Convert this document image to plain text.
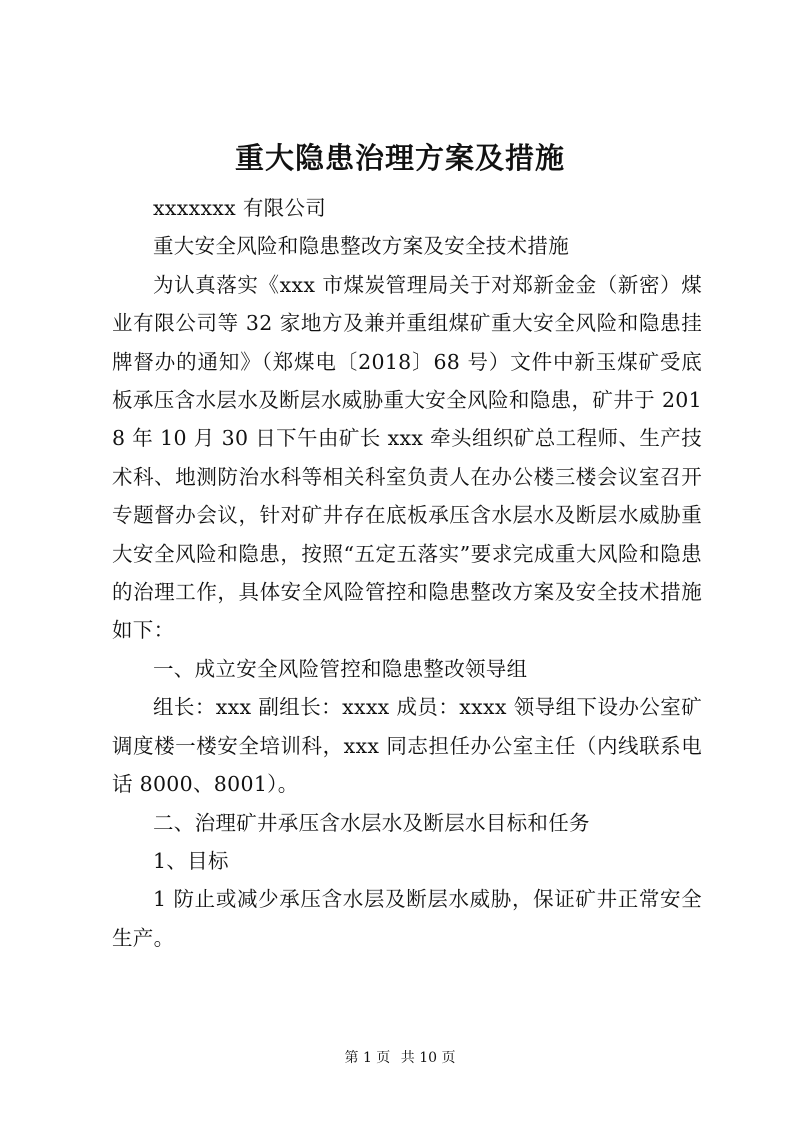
重大隐患治理方案及措施

xxxxxxx 有限公司

重大安全风险和隐患整改方案及安全技术措施

为认真落实《xxx 市煤炭管理局关于对郑新金金（新密）煤业有限公司等 32 家地方及兼并重组煤矿重大安全风险和隐患挂牌督办的通知》（郑煤电〔2018〕68 号）文件中新玉煤矿受底板承压含水层水及断层水威胁重大安全风险和隐患，矿井于 2018 年 10 月 30 日下午由矿长 xxx 牵头组织矿总工程师、生产技术科、地测防治水科等相关科室负责人在办公楼三楼会议室召开专题督办会议，针对矿井存在底板承压含水层水及断层水威胁重大安全风险和隐患，按照“五定五落实”要求完成重大风险和隐患的治理工作，具体安全风险管控和隐患整改方案及安全技术措施如下：

一、成立安全风险管控和隐患整改领导组

组长：xxx 副组长：xxxx 成员：xxxx 领导组下设办公室矿调度楼一楼安全培训科，xxx 同志担任办公室主任（内线联系电话 8000、8001）。

二、治理矿井承压含水层水及断层水目标和任务

1、目标

1 防止或减少承压含水层及断层水威胁，保证矿井正常安全生产。

第 1 页 共 10 页
